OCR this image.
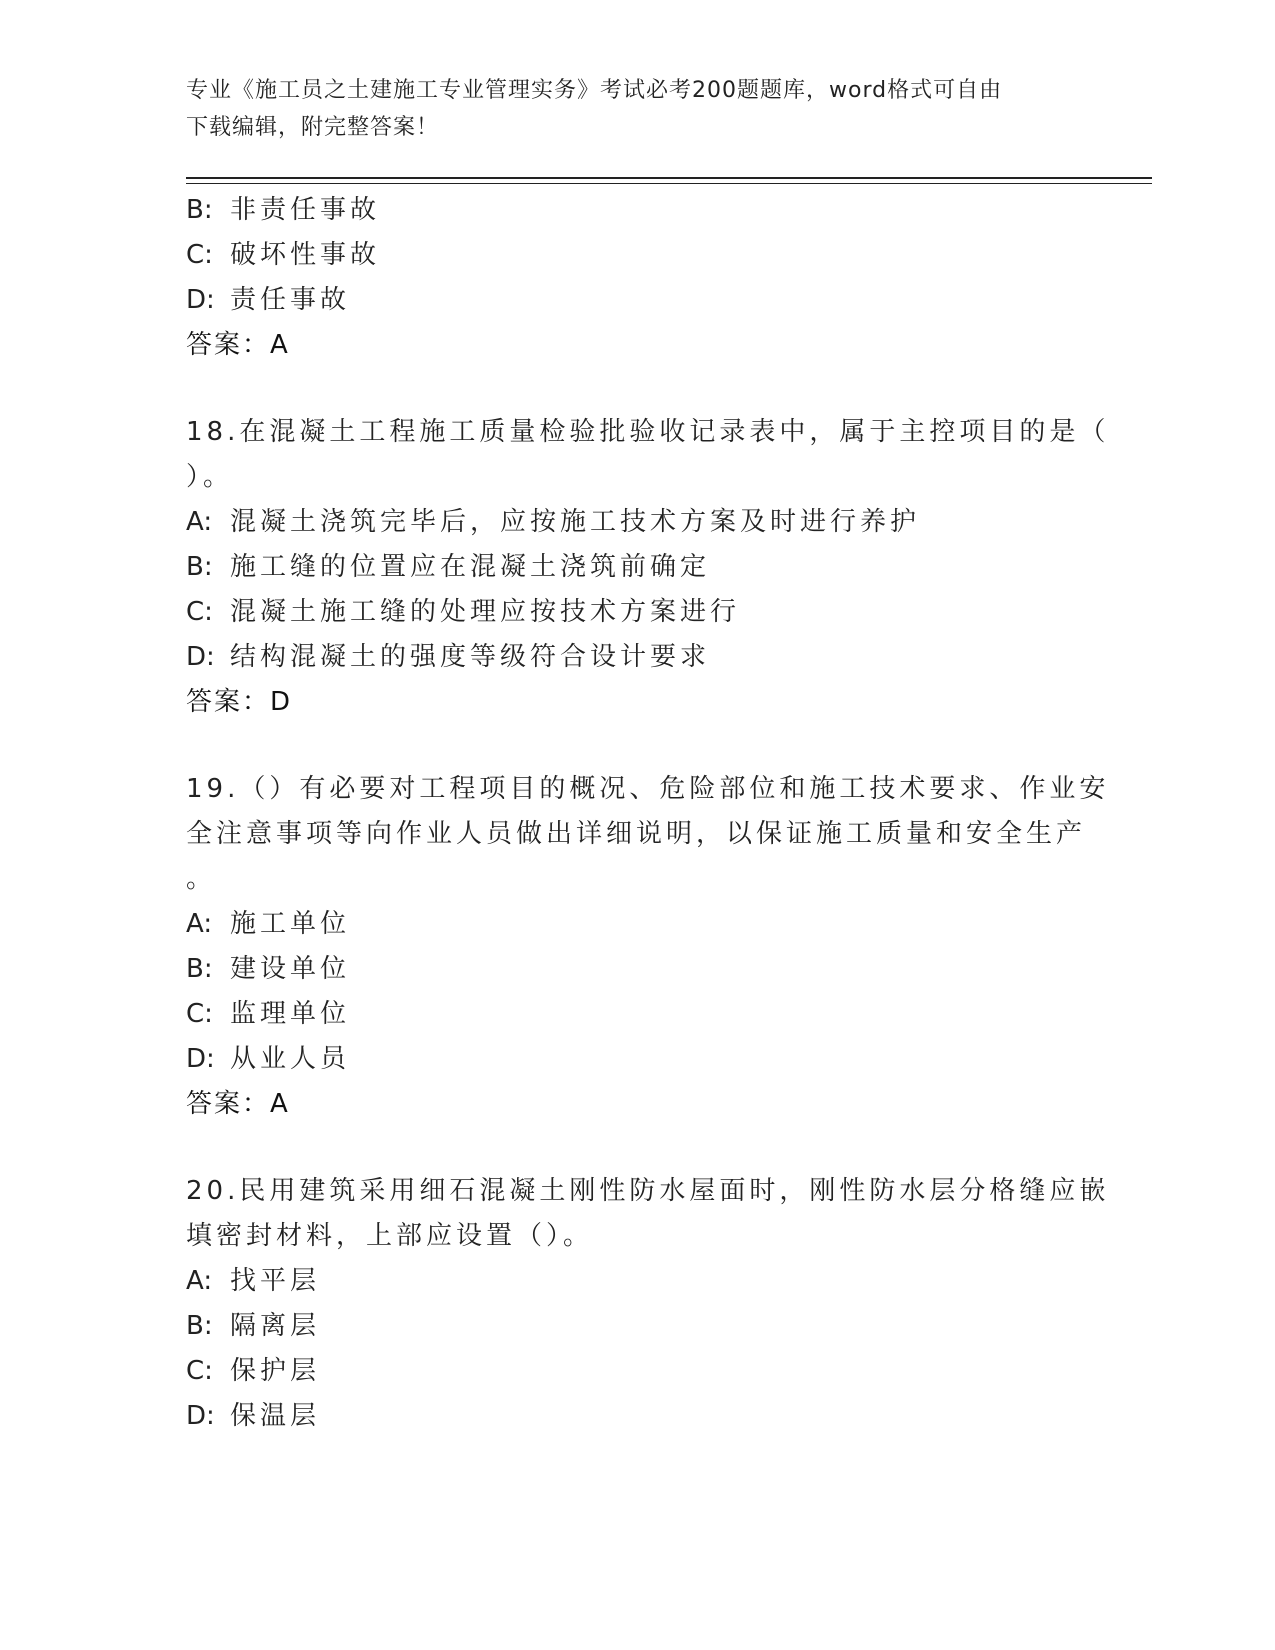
专业《施工员之土建施工专业管理实务》考试必考200题题库，word格式可自由
下载编辑，附完整答案！
B: 非责任事故
C: 破坏性事故
D: 责任事故
答案：A
18.在混凝土工程施工质量检验批验收记录表中，属于主控项目的是（
）。
A: 混凝土浇筑完毕后，应按施工技术方案及时进行养护
B: 施工缝的位置应在混凝土浇筑前确定
C: 混凝土施工缝的处理应按技术方案进行
D: 结构混凝土的强度等级符合设计要求
答案：D
19.（）有必要对工程项目的概况、危险部位和施工技术要求、作业安
全注意事项等向作业人员做出详细说明，以保证施工质量和安全生产
。
A: 施工单位
B: 建设单位
C: 监理单位
D: 从业人员
答案：A
20.民用建筑采用细石混凝土刚性防水屋面时，刚性防水层分格缝应嵌
填密封材料，上部应设置（）。
A: 找平层
B: 隔离层
C: 保护层
D: 保温层
